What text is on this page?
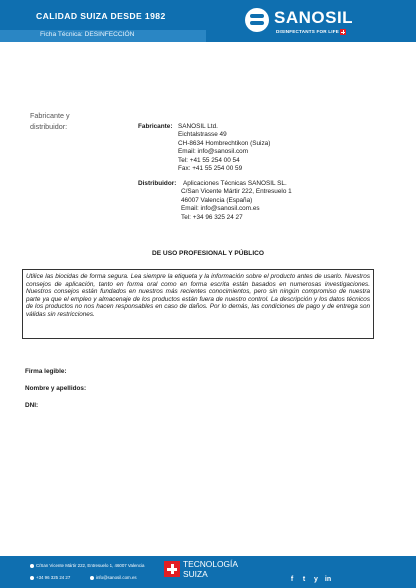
CALIDAD SUIZA DESDE 1982
Ficha Técnica: DESINFECCIÓN
SANOSIL
DISINFECTANTS FOR LIFE
Fabricante y
distribuidor:	Fabricante: SANOSIL Ltd.
Eichtalstrasse 49
CH-8634 Hombrechtikon (Suiza)
Email: info@sanosil.com
Tel: +41 55 254 00 54
Fax: +41 55 254 00 59
Distribuidor: Aplicaciones Técnicas SANOSIL SL.
C/San Vicente Mártir 222, Entresuelo 1
46007 Valencia (España)
Email: info@sanosil.com.es
Tel: +34 96 325 24 27
DE USO PROFESIONAL Y PÚBLICO
Utilice las biocidas de forma segura. Lea siempre la etiqueta y la información sobre el producto antes de usarlo. Nuestros consejos de aplicación, tanto en forma oral como en forma escrita están basados en numerosas investigaciones. Nuestros consejos están fundados en nuestros más recientes conocimientos, pero sin ningún compromiso de nuestra parte ya que el empleo y almacenaje de los productos están fuera de nuestro control. La descripción y los datos técnicos de los productos no nos hacen responsables en caso de daños. Por lo demás, las condiciones de pago y de entrega son válidas sin restricciones.
Firma legible:
Nombre y apellidos:
DNI:
C/San Vicente Mártir 222, Entresuelo 1, 46007 Valencia
+34 96 325 24 27	info@sanosil.com.es
TECNOLOGÍA
SUIZA
f	t	y in
